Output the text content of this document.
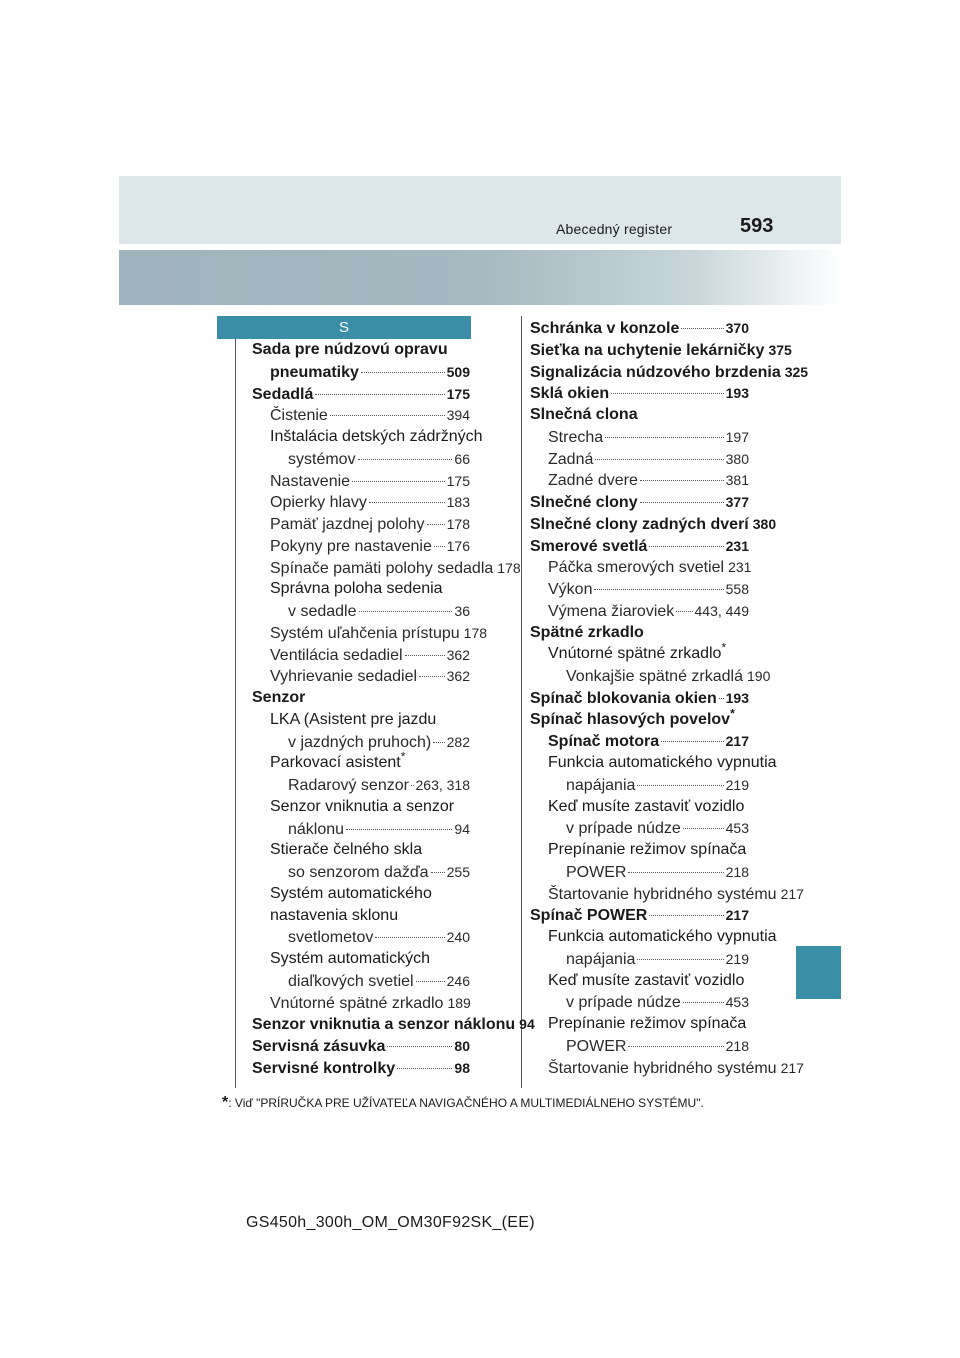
Abecedný register	593
S
Sada pre núdzovú opravu
pneumatiky	509
Sedadlá	175
Čistenie	394
Inštalácia detských zádržných
systémov	66
Nastavenie	175
Opierky hlavy	183
Pamäť jazdnej polohy 178
Pokyny pre nastavenie 176
Spínače pamäti polohy sedadla 178
Správna poloha sedenia
v sedadle	36
Systém uľahčenia prístupu 178
Ventilácia sedadiel	362
Vyhrievanie sedadiel 362
Senzor
LKA (Asistent pre jazdu
v jazdných pruhoch) 282
Parkovací asistent*
Radarový senzor 263, 318
Senzor vniknutia a senzor
náklonu	94
Stierače čelného skla
so senzorom dažďa 255
Systém automatického
nastavenia sklonu
svetlometov	240
Systém automatických
diaľkových svetiel 246
Vnútorné spätné zrkadlo 189
Senzor vniknutia a senzor náklonu 94
Servisná zásuvka	80
Servisné kontrolky	98
Schránka v konzole	370
Sieťka na uchytenie lekárničky 375
Signalizácia núdzového brzdenia 325
Sklá okien	193
Slnečná clona
Strecha	197
Zadná	380
Zadné dvere	381
Slnečné clony	377
Slnečné clony zadných dverí 380
Smerové svetlá	231
Páčka smerových svetiel 231
Výkon	558
Výmena žiaroviek 443, 449
Spätné zrkadlo
Vnútorné spätné zrkadlo*
Vonkajšie spätné zrkadlá 190
Spínač blokovania okien 193
Spínač hlasových povelov*
Spínač motora	217
Funkcia automatického vypnutia
napájania	219
Keď musíte zastaviť vozidlo
v prípade núdze	453
Prepínanie režimov spínača
POWER	218
Štartovanie hybridného systému 217
Spínač POWER	217
Funkcia automatického vypnutia
napájania	219
Keď musíte zastaviť vozidlo
v prípade núdze	453
Prepínanie režimov spínača
POWER	218
Štartovanie hybridného systému 217
*: Viď "PRÍRUČKA PRE UŽÍVATEĽA NAVIGAČNÉHO A MULTIMEDIÁLNEHO SYSTÉMU".
GS450h_300h_OM_OM30F92SK_(EE)
